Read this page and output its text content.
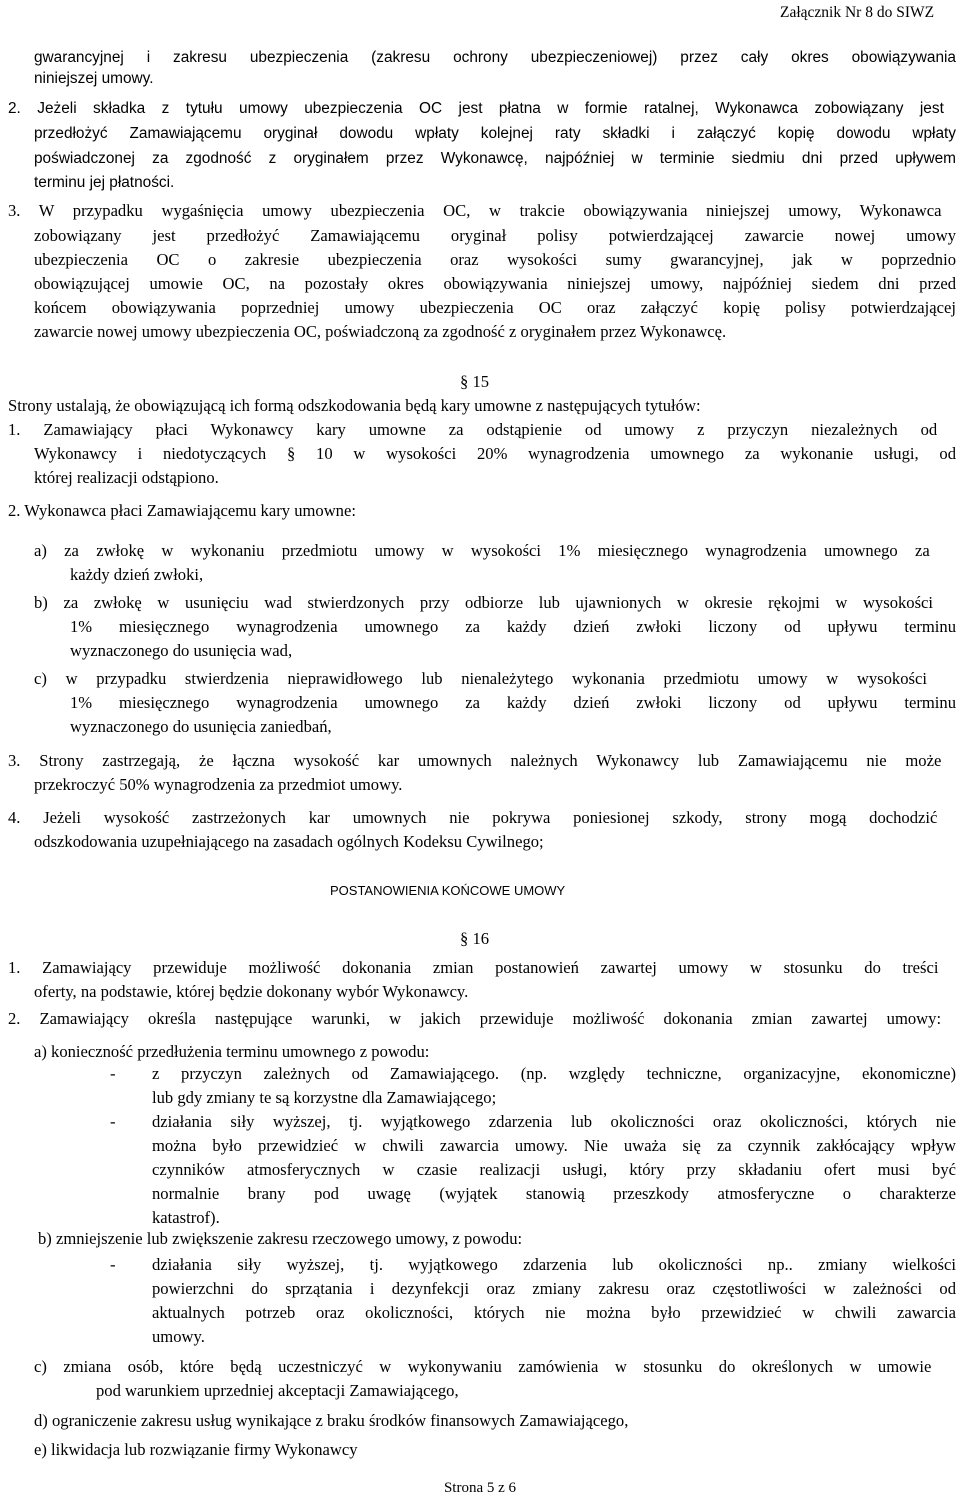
Załącznik Nr 8 do SIWZ
gwarancyjnej i zakresu ubezpieczenia (zakresu ochrony ubezpieczeniowej) przez cały okres obowiązywania
niniejszej umowy.
2. Jeżeli składka z tytułu umowy ubezpieczenia OC jest płatna w formie ratalnej, Wykonawca zobowiązany jest
przedłożyć Zamawiającemu oryginał dowodu wpłaty kolejnej raty składki i załączyć kopię dowodu wpłaty
poświadczonej za zgodność z oryginałem przez Wykonawcę, najpóźniej w terminie siedmiu dni przed upływem
terminu jej płatności.
3. W przypadku wygaśnięcia umowy ubezpieczenia OC, w trakcie obowiązywania niniejszej umowy, Wykonawca
zobowiązany jest przedłożyć Zamawiającemu oryginał polisy potwierdzającej zawarcie nowej umowy
ubezpieczenia OC o zakresie ubezpieczenia oraz wysokości sumy gwarancyjnej, jak w poprzednio
obowiązującej umowie OC, na pozostały okres obowiązywania niniejszej umowy, najpóźniej siedem dni przed
końcem obowiązywania poprzedniej umowy ubezpieczenia OC oraz załączyć kopię polisy potwierdzającej
zawarcie nowej umowy ubezpieczenia OC, poświadczoną za zgodność z oryginałem przez Wykonawcę.
§ 15
Strony ustalają, że obowiązującą ich formą odszkodowania będą kary umowne z następujących tytułów:
1. Zamawiający płaci Wykonawcy kary umowne za odstąpienie od umowy z przyczyn niezależnych od
Wykonawcy i niedotyczących § 10 w wysokości 20% wynagrodzenia umownego za wykonanie usługi, od
której realizacji odstąpiono.
2. Wykonawca płaci Zamawiającemu kary umowne:
a) za zwłokę w wykonaniu przedmiotu umowy w wysokości 1% miesięcznego wynagrodzenia umownego za
każdy dzień zwłoki,
b) za zwłokę w usunięciu wad stwierdzonych przy odbiorze lub ujawnionych w okresie rękojmi w wysokości
1% miesięcznego wynagrodzenia umownego za każdy dzień zwłoki liczony od upływu terminu
wyznaczonego do usunięcia wad,
c) w przypadku stwierdzenia nieprawidłowego lub nienależytego wykonania przedmiotu umowy w wysokości
1% miesięcznego wynagrodzenia umownego za każdy dzień zwłoki liczony od upływu terminu
wyznaczonego do usunięcia zaniedbań,
3. Strony zastrzegają, że łączna wysokość kar umownych należnych Wykonawcy lub Zamawiającemu nie może
przekroczyć 50% wynagrodzenia za przedmiot umowy.
4. Jeżeli wysokość zastrzeżonych kar umownych nie pokrywa poniesionej szkody, strony mogą dochodzić
odszkodowania uzupełniającego na zasadach ogólnych Kodeksu Cywilnego;
POSTANOWIENIA KOŃCOWE UMOWY
§ 16
1. Zamawiający przewiduje możliwość dokonania zmian postanowień zawartej umowy w stosunku do treści
oferty, na podstawie, której będzie dokonany wybór Wykonawcy.
2. Zamawiający określa następujące warunki, w jakich przewiduje możliwość dokonania zmian zawartej umowy:
a) konieczność przedłużenia terminu umownego z powodu:
- z przyczyn zależnych od Zamawiającego. (np. względy techniczne, organizacyjne, ekonomiczne)
lub gdy zmiany te są korzystne dla Zamawiającego;
- działania siły wyższej, tj. wyjątkowego zdarzenia lub okoliczności oraz okoliczności, których nie
można było przewidzieć w chwili zawarcia umowy. Nie uważa się za czynnik zakłócający wpływ
czynników atmosferycznych w czasie realizacji usługi, który przy składaniu ofert musi być
normalnie brany pod uwagę (wyjątek stanowią przeszkody atmosferyczne o charakterze
katastrof).
b) zmniejszenie lub zwiększenie zakresu rzeczowego umowy, z powodu:
- działania siły wyższej, tj. wyjątkowego zdarzenia lub okoliczności np.. zmiany wielkości
powierzchni do sprzątania i dezynfekcji oraz zmiany zakresu oraz częstotliwości w zależności od
aktualnych potrzeb oraz okoliczności, których nie można było przewidzieć w chwili zawarcia
umowy.
c) zmiana osób, które będą uczestniczyć w wykonywaniu zamówienia w stosunku do określonych w umowie
pod warunkiem uprzedniej akceptacji Zamawiającego,
d) ograniczenie zakresu usług wynikające z braku środków finansowych Zamawiającego,
e) likwidacja lub rozwiązanie firmy Wykonawcy
Strona 5 z 6
